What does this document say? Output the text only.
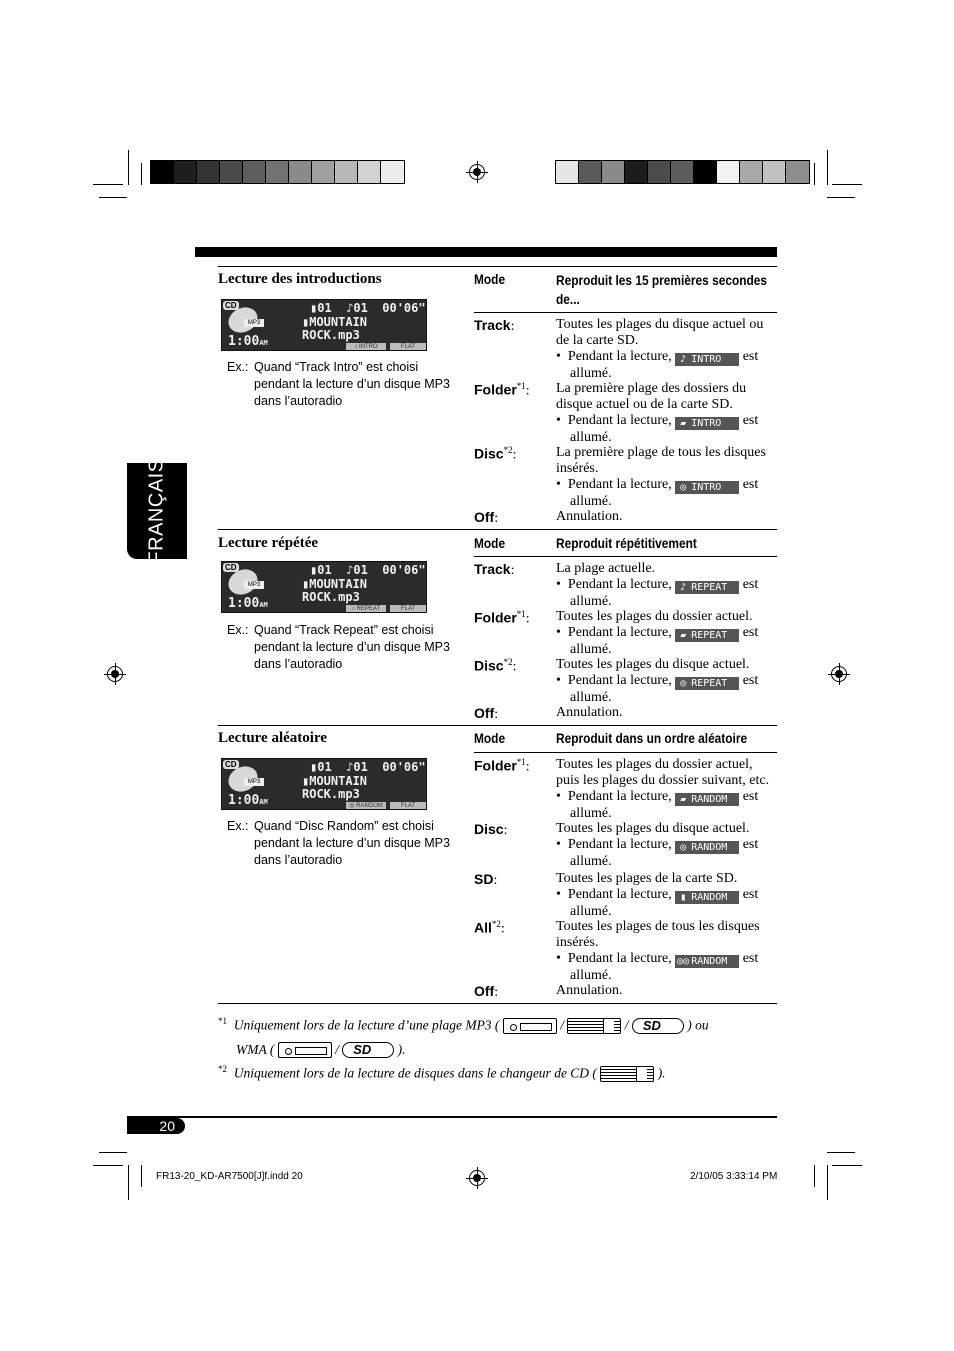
FRANÇAIS
Lecture des introductions	Mode	Reproduit les 15 premières secondes de...
CD
MP3
▮01  ♪01  00'06"
▮MOUNTAIN
ROCK.mp3
1:00AM	♪ INTRO	FLAT
Ex.: Quand “Track Intro” est choisi pendant la lecture d’un disque MP3 dans l’autoradio
Track:	Toutes les plages du disque actuel ou de la carte SD.
•  Pendant la lecture, ♪ INTRO est allumé.
Folder$^{*1}$: La première plage des dossiers du disque actuel ou de la carte SD.
•  Pendant la lecture, ▰ INTRO est allumé.
Disc$^{*2}$:	La première plage de tous les disques insérés.
•  Pendant la lecture, ◎ INTRO est allumé.
Off:	Annulation.
Lecture répétée	Mode	Reproduit répétitivement
CD
MP3
▮01  ♪01  00'06"
▮MOUNTAIN
ROCK.mp3
1:00AM	♪ REPEAT	FLAT
Ex.: Quand “Track Repeat” est choisi pendant la lecture d’un disque MP3 dans l’autoradio
Track:	La plage actuelle.
•  Pendant la lecture, ♪ REPEAT est allumé.
Folder$^{*1}$: Toutes les plages du dossier actuel.
•  Pendant la lecture, ▰ REPEAT est allumé.
Disc$^{*2}$:	Toutes les plages du disque actuel.
•  Pendant la lecture, ◎ REPEAT est allumé.
Off:	Annulation.
Lecture aléatoire	Mode	Reproduit dans un ordre aléatoire
CD
MP3
▮01  ♪01  00'06"
▮MOUNTAIN
ROCK.mp3
1:00AM	◎ RANDOM	FLAT
Ex.: Quand “Disc Random” est choisi pendant la lecture d’un disque MP3 dans l’autoradio
Folder$^{*1}$: Toutes les plages du dossier actuel, puis les plages du dossier suivant, etc.
•  Pendant la lecture, ▰ RANDOM est allumé.
Disc:	Toutes les plages du disque actuel.
•  Pendant la lecture, ◎ RANDOM est allumé.
SD:	Toutes les plages de la carte SD.
•  Pendant la lecture, ▮ RANDOM est allumé.
All$^{*2}$:	Toutes les plages de tous les disques insérés.
•  Pendant la lecture, ◎◎ RANDOM est allumé.
Off:	Annulation.
$^{*1}$ Uniquement lors de la lecture d’une plage MP3 (	/	/ SD ) ou
WMA (	/ SD ).
$^{*2}$ Uniquement lors de la lecture de disques dans le changeur de CD (	).
20
FR13-20_KD-AR7500[J]f.indd 20	2/10/05 3:33:14 PM
